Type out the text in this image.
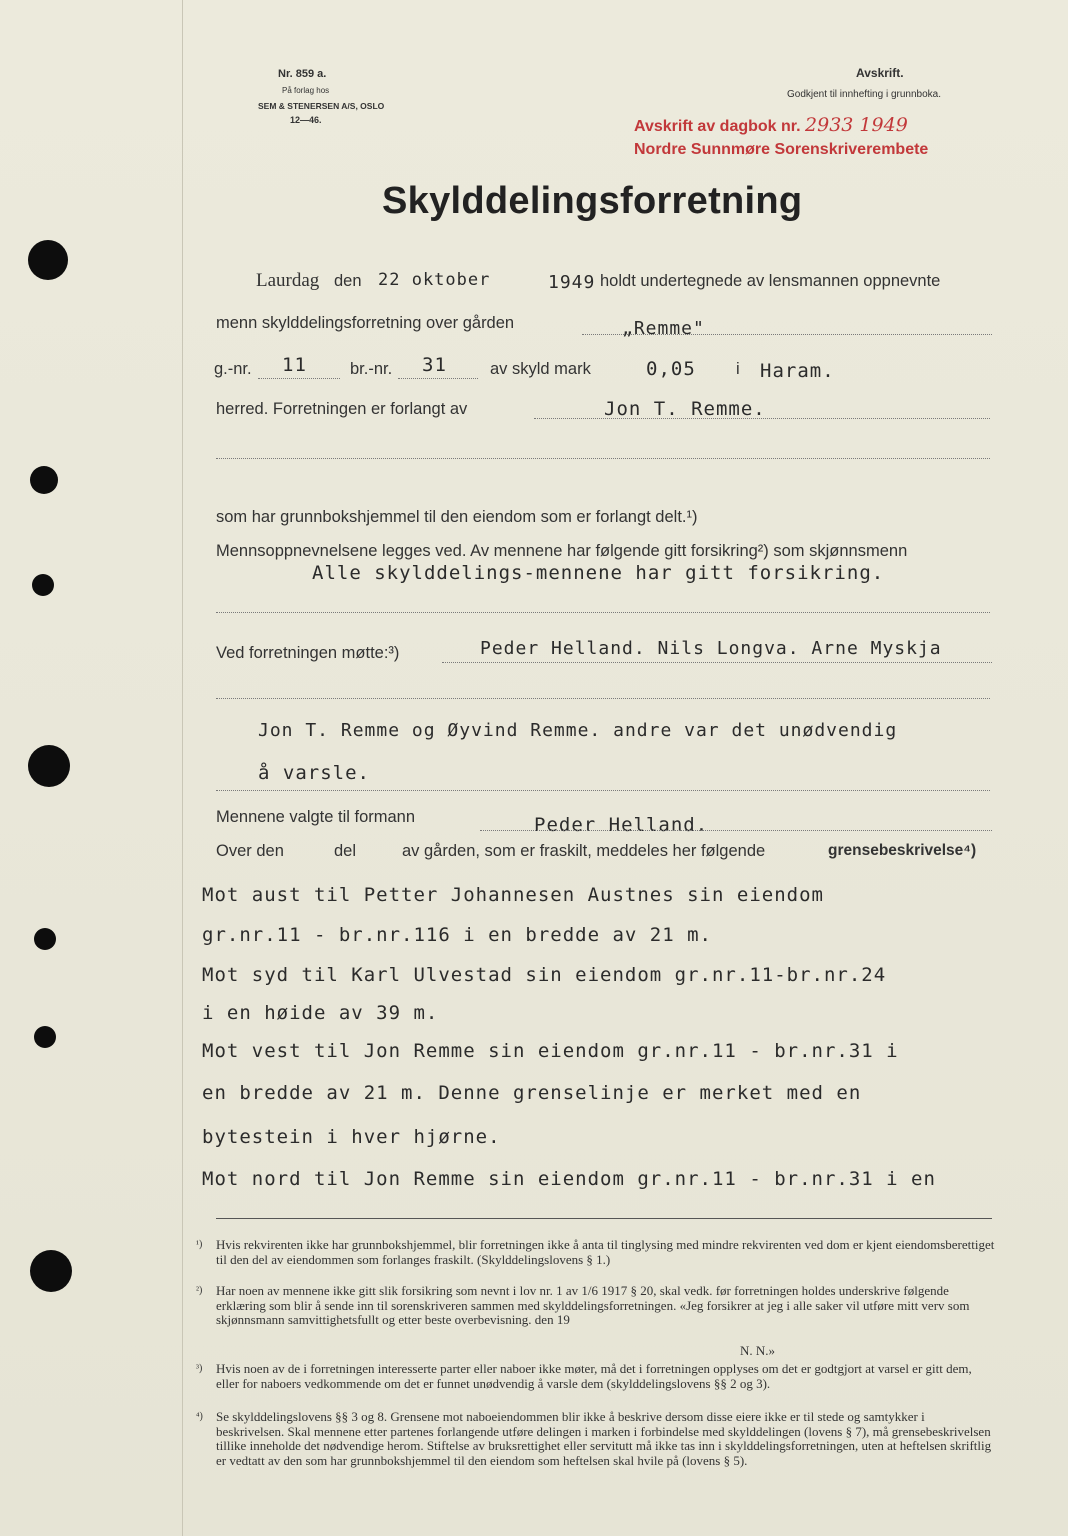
Nr. 859 a.
På forlag hos
SEM & STENERSEN A/S, OSLO
12—46.
Avskrift.
Godkjent til innhefting i grunnboka.
Avskrift av dagbok nr. 2933 1949
Nordre Sunnmøre Sorenskriverembete
Skylddelingsforretning
Laurdag den 22 oktober	1949 holdt undertegnede av lensmannen oppnevnte
menn skylddelingsforretning over gården	„Remme"
g.-nr. 11	br.-nr. 31	av skyld mark	0,05 i Haram.
herred. Forretningen er forlangt av	Jon T. Remme.
som har grunnbokshjemmel til den eiendom som er forlangt delt.¹)
Mennsoppnevnelsene legges ved. Av mennene har følgende gitt forsikring²) som skjønnsmenn
Alle skylddelings-mennene har gitt forsikring.
Ved forretningen møtte:³)	Peder Helland. Nils Longva. Arne Myskja
Jon T. Remme og Øyvind Remme. andre var det unødvendig
å varsle.
Mennene valgte til formann	Peder Helland.
Over den	del	av gården, som er fraskilt, meddeles her følgende	grensebeskrivelse⁴)
Mot aust til Petter Johannesen Austnes sin eiendom
gr.nr.11 - br.nr.116 i en bredde av 21 m.
Mot syd til Karl Ulvestad sin eiendom gr.nr.11-br.nr.24
i en høide av 39 m.
Mot vest til Jon Remme sin eiendom gr.nr.11 - br.nr.31 i
en bredde av 21 m. Denne grenselinje er merket med en
bytestein i hver hjørne.
Mot nord til Jon Remme sin eiendom gr.nr.11 - br.nr.31 i en
¹) Hvis rekvirenten ikke har grunnbokshjemmel, blir forretningen ikke å anta til tinglysing med mindre rekvirenten ved dom er kjent eiendomsberettiget til den del av eiendommen som forlanges fraskilt. (Skylddelingslovens § 1.)
²) Har noen av mennene ikke gitt slik forsikring som nevnt i lov nr. 1 av 1/6 1917 § 20, skal vedk. før forretningen holdes underskrive følgende erklæring som blir å sende inn til sorenskriveren sammen med skylddelingsforretningen. «Jeg forsikrer at jeg i alle saker vil utføre mitt verv som skjønnsmann samvittighetsfullt og etter beste overbevisning. den 19
N. N.»
³) Hvis noen av de i forretningen interesserte parter eller naboer ikke møter, må det i forretningen opplyses om det er godtgjort at varsel er gitt dem, eller for naboers vedkommende om det er funnet unødvendig å varsle dem (skylddelingslovens §§ 2 og 3).
⁴) Se skylddelingslovens §§ 3 og 8. Grensene mot naboeiendommen blir ikke å beskrive dersom disse eiere ikke er til stede og samtykker i beskrivelsen. Skal mennene etter partenes forlangende utføre delingen i marken i forbindelse med skylddelingen (lovens § 7), må grensebeskrivelsen tillike inneholde det nødvendige herom. Stiftelse av bruksrettighet eller servitutt må ikke tas inn i skylddelingsforretningen, uten at heftelsen skriftlig er vedtatt av den som har grunnbokshjemmel til den eiendom som heftelsen skal hvile på (lovens § 5).
